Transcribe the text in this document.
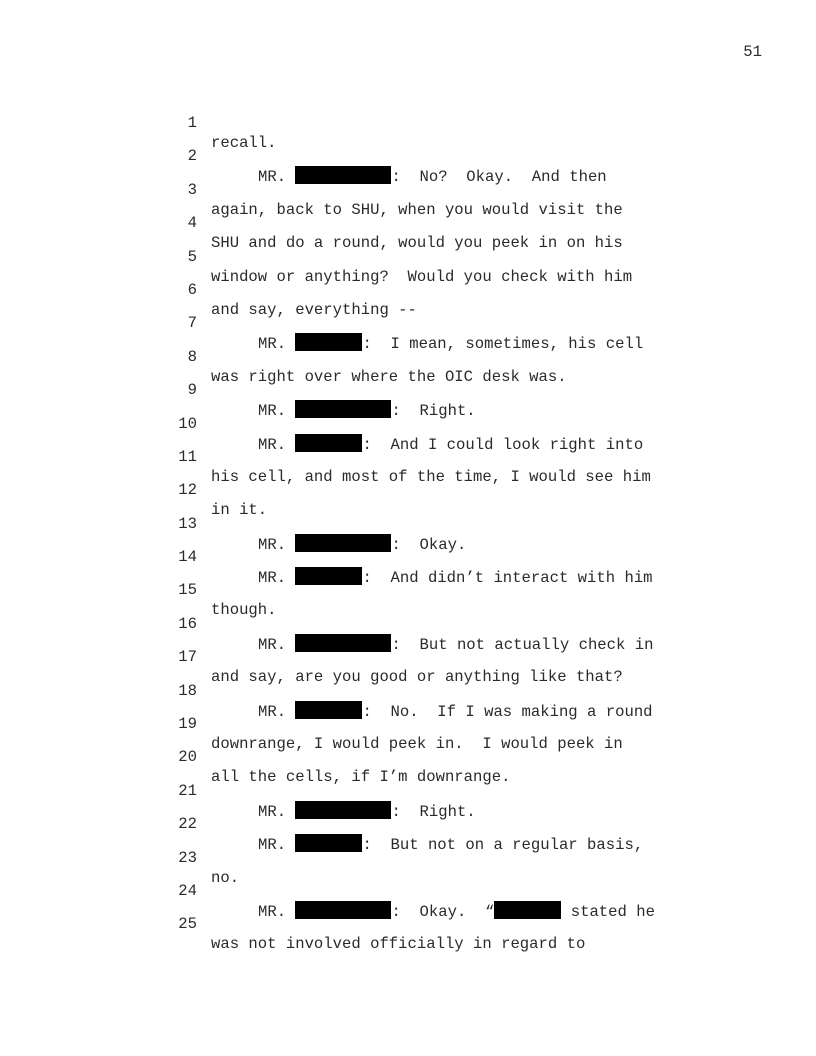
51

1

recall.

2

MR.	:  No?  Okay.  And then

3

again, back to SHU, when you would visit the

4

SHU and do a round, would you peek in on his

5

window or anything?  Would you check with him

6

and say, everything --

7

MR.	:  I mean, sometimes, his cell

8

was right over where the OIC desk was.

9

MR.	:  Right.

10

MR.	:  And I could look right into

11

his cell, and most of the time, I would see him

12

in it.

13

MR.	:  Okay.

14

MR.	:  And didn’t interact with him

15

though.

16

MR.	:  But not actually check in

17

and say, are you good or anything like that?

18

MR.	:  No.  If I was making a round

19

downrange, I would peek in.  I would peek in

20

all the cells, if I’m downrange.

21

MR.	:  Right.

22

MR.	:  But not on a regular basis,

23

no.

24

MR.	:  Okay.  “	stated he

25

was not involved officially in regard to
